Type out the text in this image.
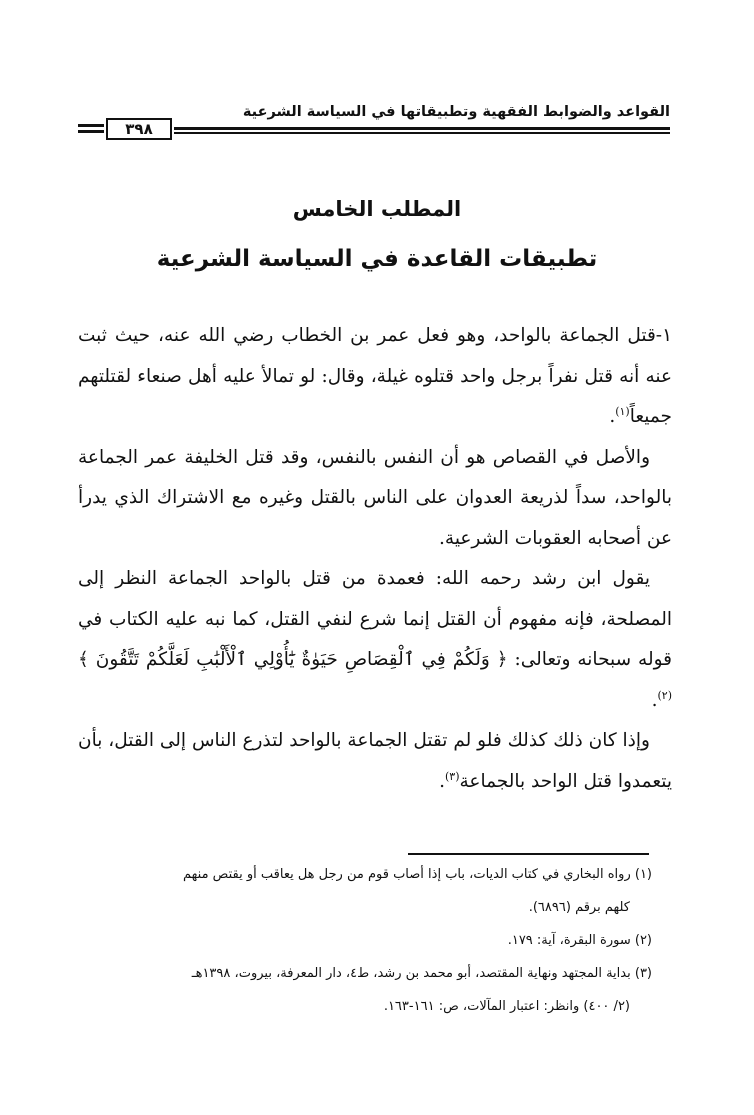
القواعد والضوابط الفقهية وتطبيقاتها في السياسة الشرعية
٣٩٨
المطلب الخامس
تطبيقات القاعدة في السياسة الشرعية

١-قتل الجماعة بالواحد، وهو فعل عمر بن الخطاب رضي الله عنه، حيث ثبت عنه أنه قتل نفراً برجل واحد قتلوه غيلة، وقال: لو تمالأ عليه أهل صنعاء لقتلتهم جميعاً$^{(١)}$.

والأصل في القصاص هو أن النفس بالنفس، وقد قتل الخليفة عمر الجماعة بالواحد، سداً لذريعة العدوان على الناس بالقتل وغيره مع الاشتراك الذي يدرأ عن أصحابه العقوبات الشرعية.

يقول ابن رشد رحمه الله: فعمدة من قتل بالواحد الجماعة النظر إلى المصلحة، فإنه مفهوم أن القتل إنما شرع لنفي القتل، كما نبه عليه الكتاب في قوله سبحانه وتعالى: ﴿ وَلَكُمْ فِي ٱلْقِصَاصِ حَيَوٰةٌ يَٰٓأُوْلِي ٱلْأَلْبَٰبِ لَعَلَّكُمْ تَتَّقُونَ ﴾$^{(٢)}$.

وإذا كان ذلك كذلك فلو لم تقتل الجماعة بالواحد لتذرع الناس إلى القتل، بأن يتعمدوا قتل الواحد بالجماعة$^{(٣)}$.

(١) رواه البخاري في كتاب الديات، باب إذا أصاب قوم من رجل هل يعاقب أو يقتص منهم

كلهم برقم (٦٨٩٦).

(٢) سورة البقرة، آية: ١٧٩.

(٣) بداية المجتهد ونهاية المقتصد، أبو محمد بن رشد، ط٤، دار المعرفة، بيروت، ١٣٩٨هـ

(٢/ ٤٠٠) وانظر: اعتبار المآلات، ص: ١٦١-١٦٣.
